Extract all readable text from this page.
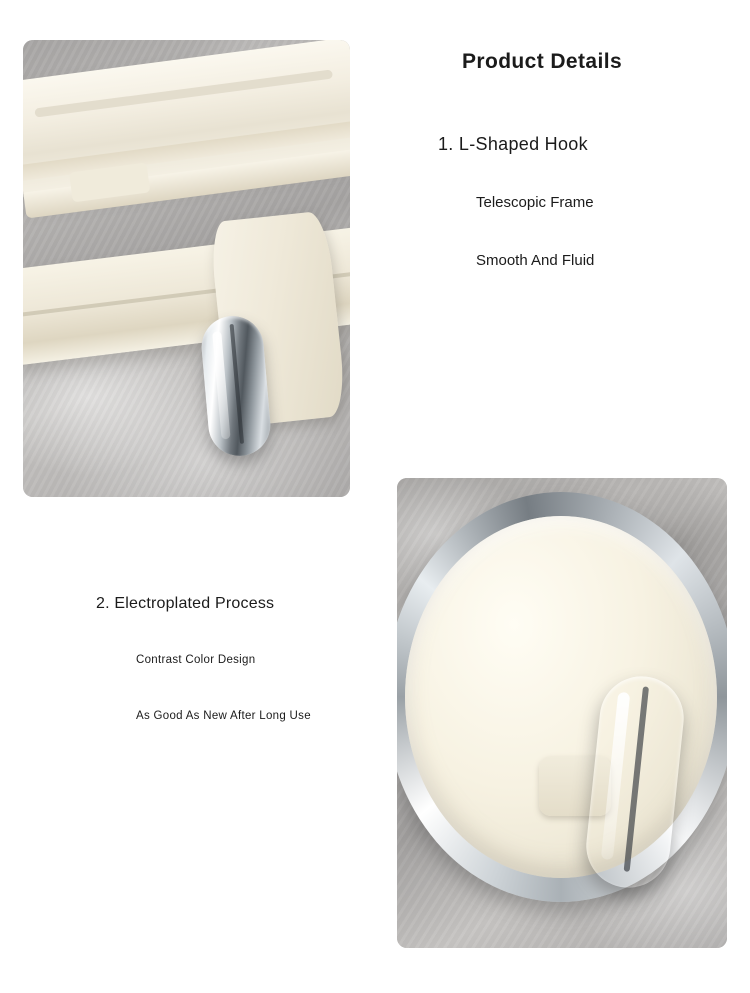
Product Details
1. L-Shaped Hook
Telescopic Frame
Smooth And Fluid
2. Electroplated Process
Contrast Color Design
As Good As New After Long Use
